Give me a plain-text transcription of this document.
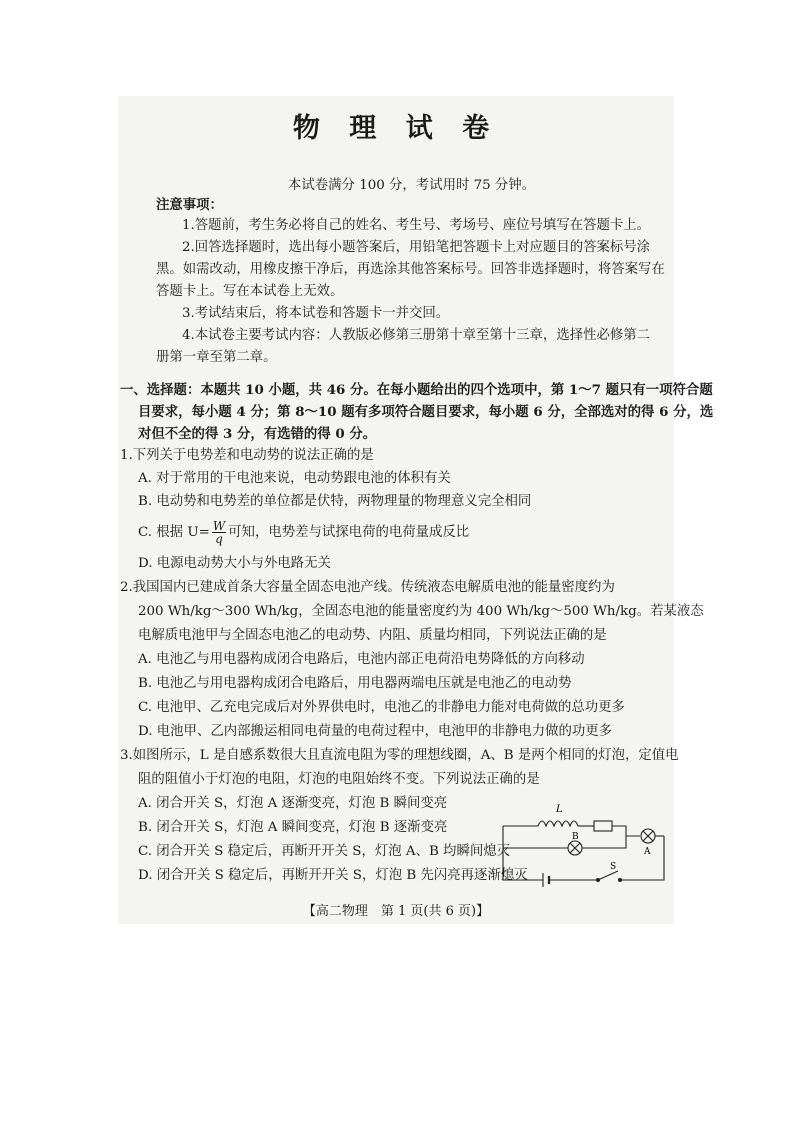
物 理 试 卷
本试卷满分 100 分，考试用时 75 分钟。
注意事项：
1.答题前，考生务必将自己的姓名、考生号、考场号、座位号填写在答题卡上。
2.回答选择题时，选出每小题答案后，用铅笔把答题卡上对应题目的答案标号涂
黑。如需改动，用橡皮擦干净后，再选涂其他答案标号。回答非选择题时，将答案写在
答题卡上。写在本试卷上无效。
3.考试结束后，将本试卷和答题卡一并交回。
4.本试卷主要考试内容：人教版必修第三册第十章至第十三章，选择性必修第二
册第一章至第二章。
一、选择题：本题共 10 小题，共 46 分。在每小题给出的四个选项中，第 1～7 题只有一项符合题
目要求，每小题 4 分；第 8～10 题有多项符合题目要求，每小题 6 分，全部选对的得 6 分，选
对但不全的得 3 分，有选错的得 0 分。
1.下列关于电势差和电动势的说法正确的是
A. 对于常用的干电池来说，电动势跟电池的体积有关
B. 电动势和电势差的单位都是伏特，两物理量的物理意义完全相同
C. 根据 $U= \frac{W}{q}$ 可知，电势差与试探电荷的电荷量成反比
D. 电源电动势大小与外电路无关
2.我国国内已建成首条大容量全固态电池产线。传统液态电解质电池的能量密度约为
200 Wh/kg～300 Wh/kg，全固态电池的能量密度约为 400 Wh/kg～500 Wh/kg。若某液态
电解质电池甲与全固态电池乙的电动势、内阻、质量均相同，下列说法正确的是
A. 电池乙与用电器构成闭合电路后，电池内部正电荷沿电势降低的方向移动
B. 电池乙与用电器构成闭合电路后，用电器两端电压就是电池乙的电动势
C. 电池甲、乙充电完成后对外界供电时，电池乙的非静电力能对电荷做的总功更多
D. 电池甲、乙内部搬运相同电荷量的电荷过程中，电池甲的非静电力做的功更多
3.如图所示，L 是自感系数很大且直流电阻为零的理想线圈，A、B 是两个相同的灯泡，定值电
阻的阻值小于灯泡的电阻，灯泡的电阻始终不变。下列说法正确的是
A. 闭合开关 S，灯泡 A 逐渐变亮，灯泡 B 瞬间变亮
B. 闭合开关 S，灯泡 A 瞬间变亮，灯泡 B 逐渐变亮
C. 闭合开关 S 稳定后，再断开开关 S，灯泡 A、B 均瞬间熄灭
D. 闭合开关 S 稳定后，再断开开关 S，灯泡 B 先闪亮再逐渐熄灭
L
B
A
S
【高二物理　第 1 页(共 6 页)】
